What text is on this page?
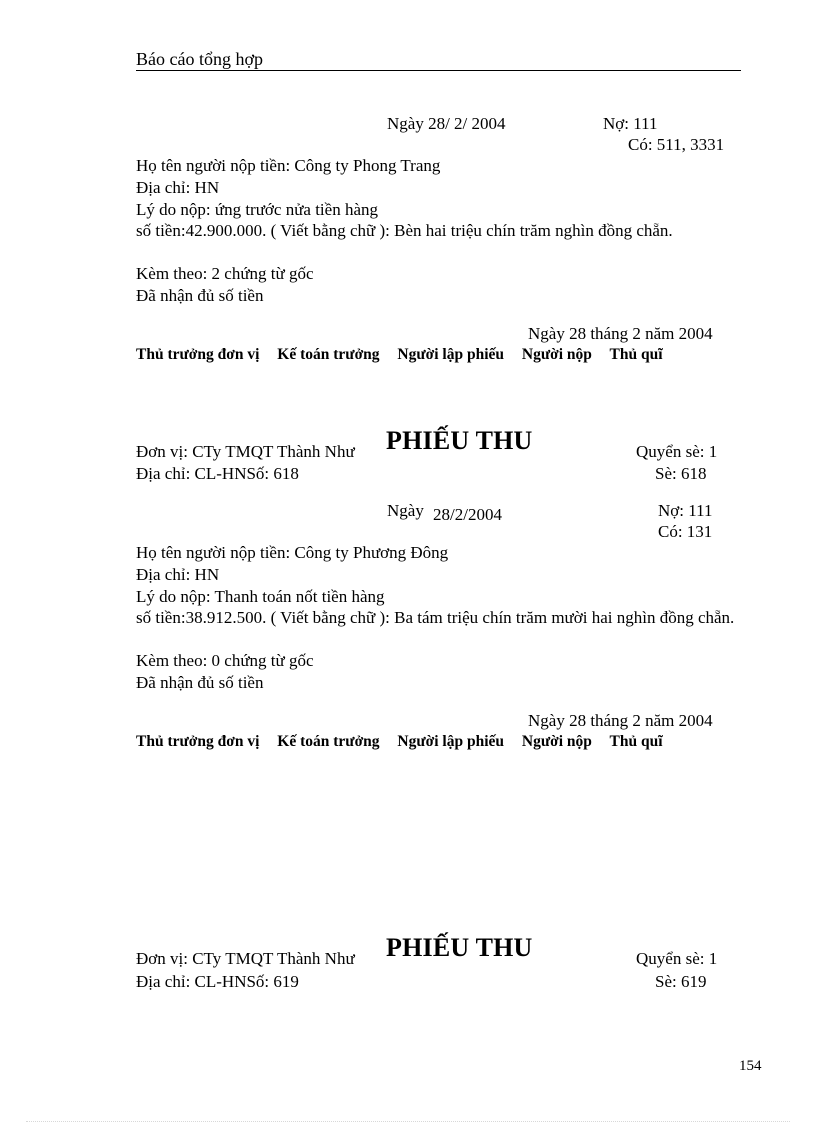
Báo cáo tổng hợp
Ngày 28/ 2/ 2004	Nợ: 111
Có: 511, 3331
Họ tên người nộp tiền: Công ty Phong Trang
Địa chỉ: HN
Lý do nộp: ứng trước nửa tiền hàng
số tiền:42.900.000. ( Viết bằng chữ ): Bèn hai triệu chín trăm nghìn đồng chẵn.
Kèm theo: 2 chứng từ gốc
Đã nhận đủ số tiền
Ngày 28 tháng 2 năm 2004
Thủ trưởng đơn vị Kế toán trưởng Người lập phiếu Người nộp Thủ quĩ
Đơn vị: CTy TMQT Thành Như PHIẾU THU	Quyển sè: 1
Địa chỉ: CL-HNSố: 618	Sè: 618
Ngày 28/2/2004	Nợ: 111
Có: 131
Họ tên người nộp tiền: Công ty Phương Đông
Địa chỉ: HN
Lý do nộp: Thanh toán nốt tiền hàng
số tiền:38.912.500. ( Viết bằng chữ ): Ba tám triệu chín trăm mười hai nghìn đồng chẵn.
Kèm theo: 0 chứng từ gốc
Đã nhận đủ số tiền
Ngày 28 tháng 2 năm 2004
Thủ trưởng đơn vị Kế toán trưởng Người lập phiếu Người nộp Thủ quĩ
Đơn vị: CTy TMQT Thành Như PHIẾU THU	Quyển sè: 1
Địa chỉ: CL-HNSố: 619	Sè: 619
154
